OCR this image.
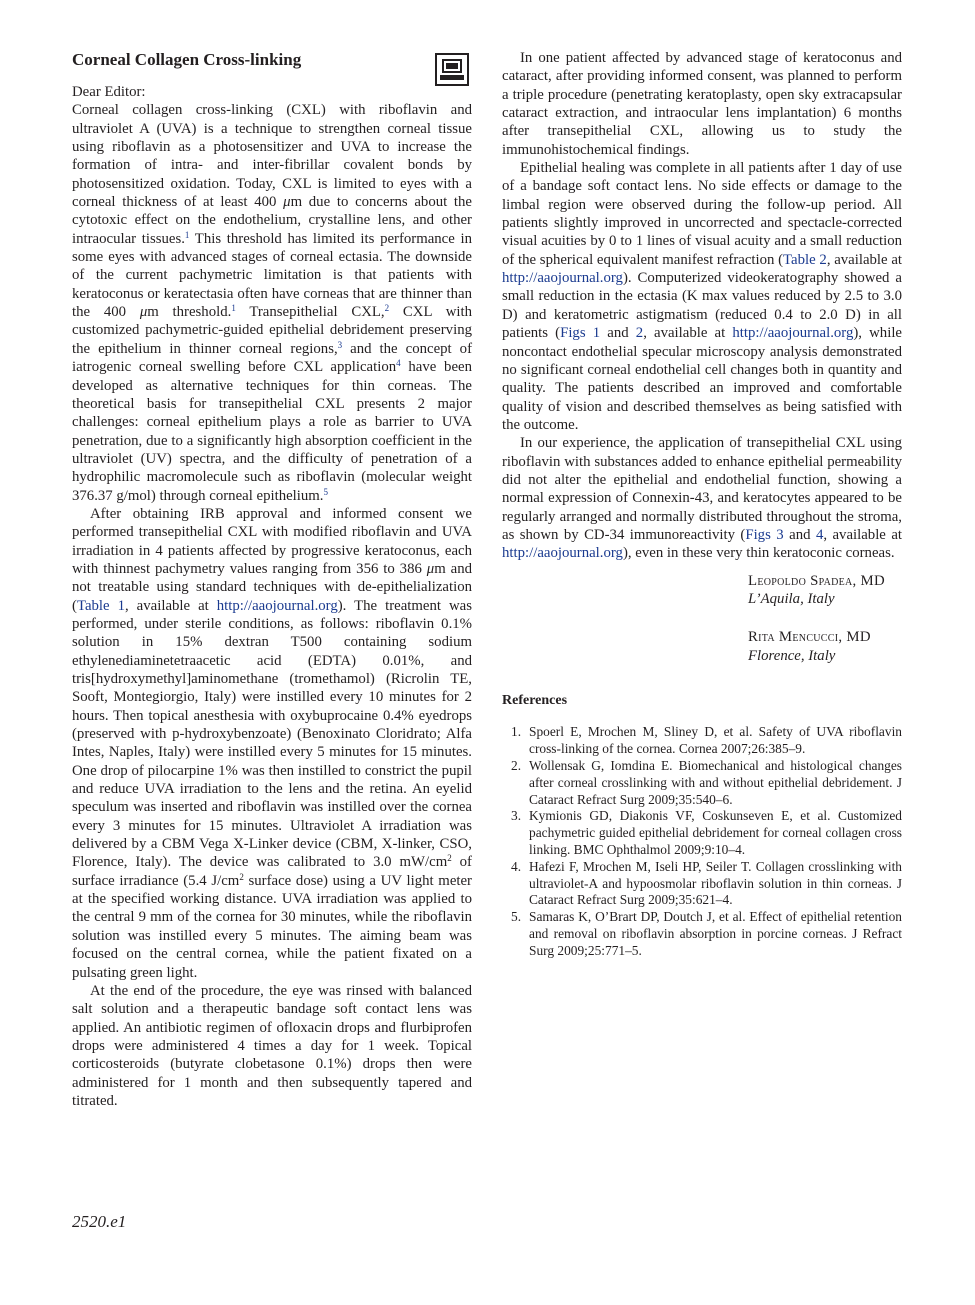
Corneal Collagen Cross-linking
Dear Editor:

Corneal collagen cross-linking (CXL) with riboflavin and ultraviolet A (UVA) is a technique to strengthen corneal tissue using riboflavin as a photosensitizer and UVA to increase the formation of intra- and inter-fibrillar covalent bonds by photosensitized oxidation. Today, CXL is limited to eyes with a corneal thickness of at least 400 μm due to concerns about the cytotoxic effect on the endothelium, crystalline lens, and other intraocular tissues.$^1$ This threshold has limited its performance in some eyes with advanced stages of corneal ectasia. The downside of the current pachymetric limitation is that patients with keratoconus or keratectasia often have corneas that are thinner than the 400 μm threshold.$^1$ Transepithelial CXL,$^2$ CXL with customized pachymetric-guided epithelial debridement preserving the epithelium in thinner corneal regions,$^3$ and the concept of iatrogenic corneal swelling before CXL application$^4$ have been developed as alternative techniques for thin corneas. The theoretical basis for transepithelial CXL presents 2 major challenges: corneal epithelium plays a role as barrier to UVA penetration, due to a significantly high absorption coefficient in the ultraviolet (UV) spectra, and the difficulty of penetration of a hydrophilic macromolecule such as riboflavin (molecular weight 376.37 g/mol) through corneal epithelium.$^5$

After obtaining IRB approval and informed consent we performed transepithelial CXL with modified riboflavin and UVA irradiation in 4 patients affected by progressive keratoconus, each with thinnest pachymetry values ranging from 356 to 386 μm and not treatable using standard techniques with de-epithelialization (Table 1, available at http://aaojournal.org). The treatment was performed, under sterile conditions, as follows: riboflavin 0.1% solution in 15% dextran T500 containing sodium ethylenediaminetetraacetic acid (EDTA) 0.01%, and tris[hydroxymethyl]aminomethane (tromethamol) (Ricrolin TE, Sooft, Montegiorgio, Italy) were instilled every 10 minutes for 2 hours. Then topical anesthesia with oxybuprocaine 0.4% eyedrops (preserved with p-hydroxybenzoate) (Benoxinato Cloridrato; Alfa Intes, Naples, Italy) were instilled every 5 minutes for 15 minutes. One drop of pilocarpine 1% was then instilled to constrict the pupil and reduce UVA irradiation to the lens and the retina. An eyelid speculum was inserted and riboflavin was instilled over the cornea every 3 minutes for 15 minutes. Ultraviolet A irradiation was delivered by a CBM Vega X-Linker device (CBM, X-linker, CSO, Florence, Italy). The device was calibrated to 3.0 $mW/cm^2$ of surface irradiance (5.4 $J/cm^2$ surface dose) using a UV light meter at the specified working distance. UVA irradiation was applied to the central 9 mm of the cornea for 30 minutes, while the riboflavin solution was instilled every 5 minutes. The aiming beam was focused on the central cornea, while the patient fixated on a pulsating green light.

At the end of the procedure, the eye was rinsed with balanced salt solution and a therapeutic bandage soft contact lens was applied. An antibiotic regimen of ofloxacin drops and flurbiprofen drops were administered 4 times a day for 1 week. Topical corticosteroids (butyrate clobetasone 0.1%) drops then were administered for 1 month and then subsequently tapered and titrated.

In one patient affected by advanced stage of keratoconus and cataract, after providing informed consent, was planned to perform a triple procedure (penetrating keratoplasty, open sky extracapsular cataract extraction, and intraocular lens implantation) 6 months after transepithelial CXL, allowing us to study the immunohistochemical findings.

Epithelial healing was complete in all patients after 1 day of use of a bandage soft contact lens. No side effects or damage to the limbal region were observed during the follow-up period. All patients slightly improved in uncorrected and spectacle-corrected visual acuities by 0 to 1 lines of visual acuity and a small reduction of the spherical equivalent manifest refraction (Table 2, available at http://aaojournal.org). Computerized videokeratography showed a small reduction in the ectasia (K max values reduced by 2.5 to 3.0 D) and keratometric astigmatism (reduced 0.4 to 2.0 D) in all patients (Figs 1 and 2, available at http://aaojournal.org), while noncontact endothelial specular microscopy analysis demonstrated no significant corneal endothelial cell changes both in quantity and quality. The patients described an improved and comfortable quality of vision and described themselves as being satisfied with the outcome.

In our experience, the application of transepithelial CXL using riboflavin with substances added to enhance epithelial permeability did not alter the epithelial and endothelial function, showing a normal expression of Connexin-43, and keratocytes appeared to be regularly arranged and normally distributed throughout the stroma, as shown by CD-34 immunoreactivity (Figs 3 and 4, available at http://aaojournal.org), even in these very thin keratoconic corneas.

Leopoldo Spadea, MD
L’Aquila, Italy
Rita Mencucci, MD
Florence, Italy
References
1. Spoerl E, Mrochen M, Sliney D, et al. Safety of UVA riboflavin cross-linking of the cornea. Cornea 2007;26:385–9.
2. Wollensak G, Iomdina E. Biomechanical and histological changes after corneal crosslinking with and without epithelial debridement. J Cataract Refract Surg 2009;35:540–6.
3. Kymionis GD, Diakonis VF, Coskunseven E, et al. Customized pachymetric guided epithelial debridement for corneal collagen cross linking. BMC Ophthalmol 2009;9:10–4.
4. Hafezi F, Mrochen M, Iseli HP, Seiler T. Collagen crosslinking with ultraviolet-A and hypoosmolar riboflavin solution in thin corneas. J Cataract Refract Surg 2009;35:621–4.
5. Samaras K, O’Brart DP, Doutch J, et al. Effect of epithelial retention and removal on riboflavin absorption in porcine corneas. J Refract Surg 2009;25:771–5.
2520.e1
